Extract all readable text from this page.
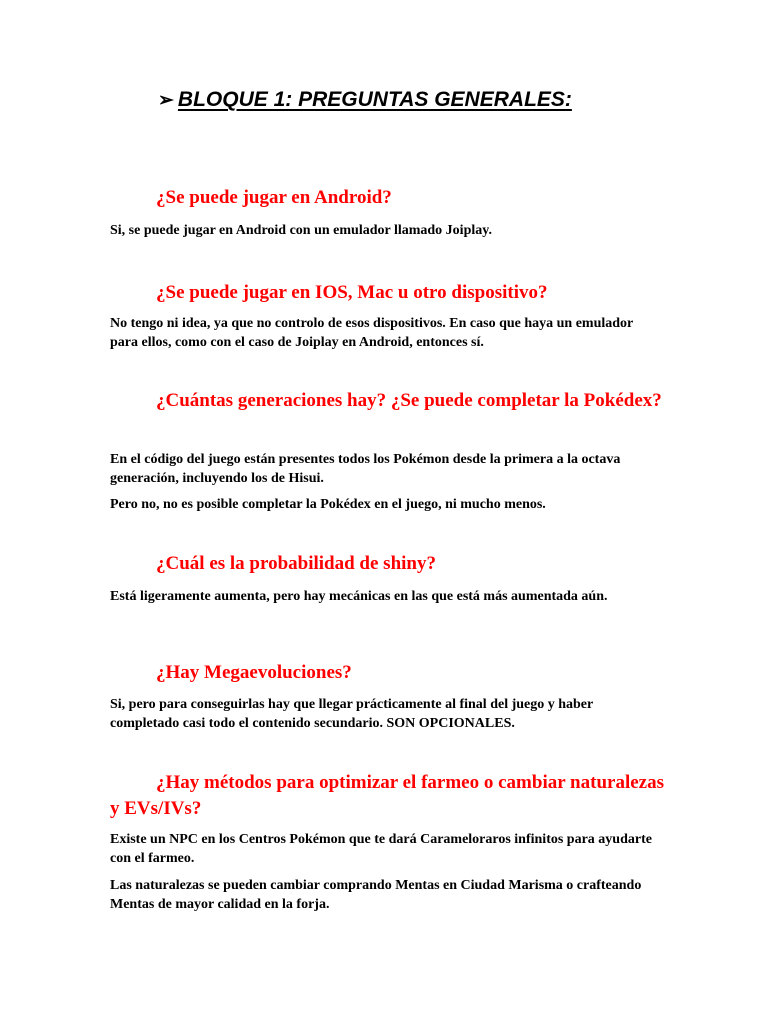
➢ BLOQUE 1: PREGUNTAS GENERALES:

¿Se puede jugar en Android?

Si, se puede jugar en Android con un emulador llamado Joiplay.

¿Se puede jugar en IOS, Mac u otro dispositivo?

No tengo ni idea, ya que no controlo de esos dispositivos. En caso que haya un emulador para ellos, como con el caso de Joiplay en Android, entonces sí.

¿Cuántas generaciones hay? ¿Se puede completar la Pokédex?

En el código del juego están presentes todos los Pokémon desde la primera a la octava generación, incluyendo los de Hisui.

Pero no, no es posible completar la Pokédex en el juego, ni mucho menos.

¿Cuál es la probabilidad de shiny?

Está ligeramente aumenta, pero hay mecánicas en las que está más aumentada aún.

¿Hay Megaevoluciones?

Si, pero para conseguirlas hay que llegar prácticamente al final del juego y haber completado casi todo el contenido secundario. SON OPCIONALES.

¿Hay métodos para optimizar el farmeo o cambiar naturalezas y EVs/IVs?

Existe un NPC en los Centros Pokémon que te dará Carameloraros infinitos para ayudarte con el farmeo.

Las naturalezas se pueden cambiar comprando Mentas en Ciudad Marisma o crafteando Mentas de mayor calidad en la forja.
